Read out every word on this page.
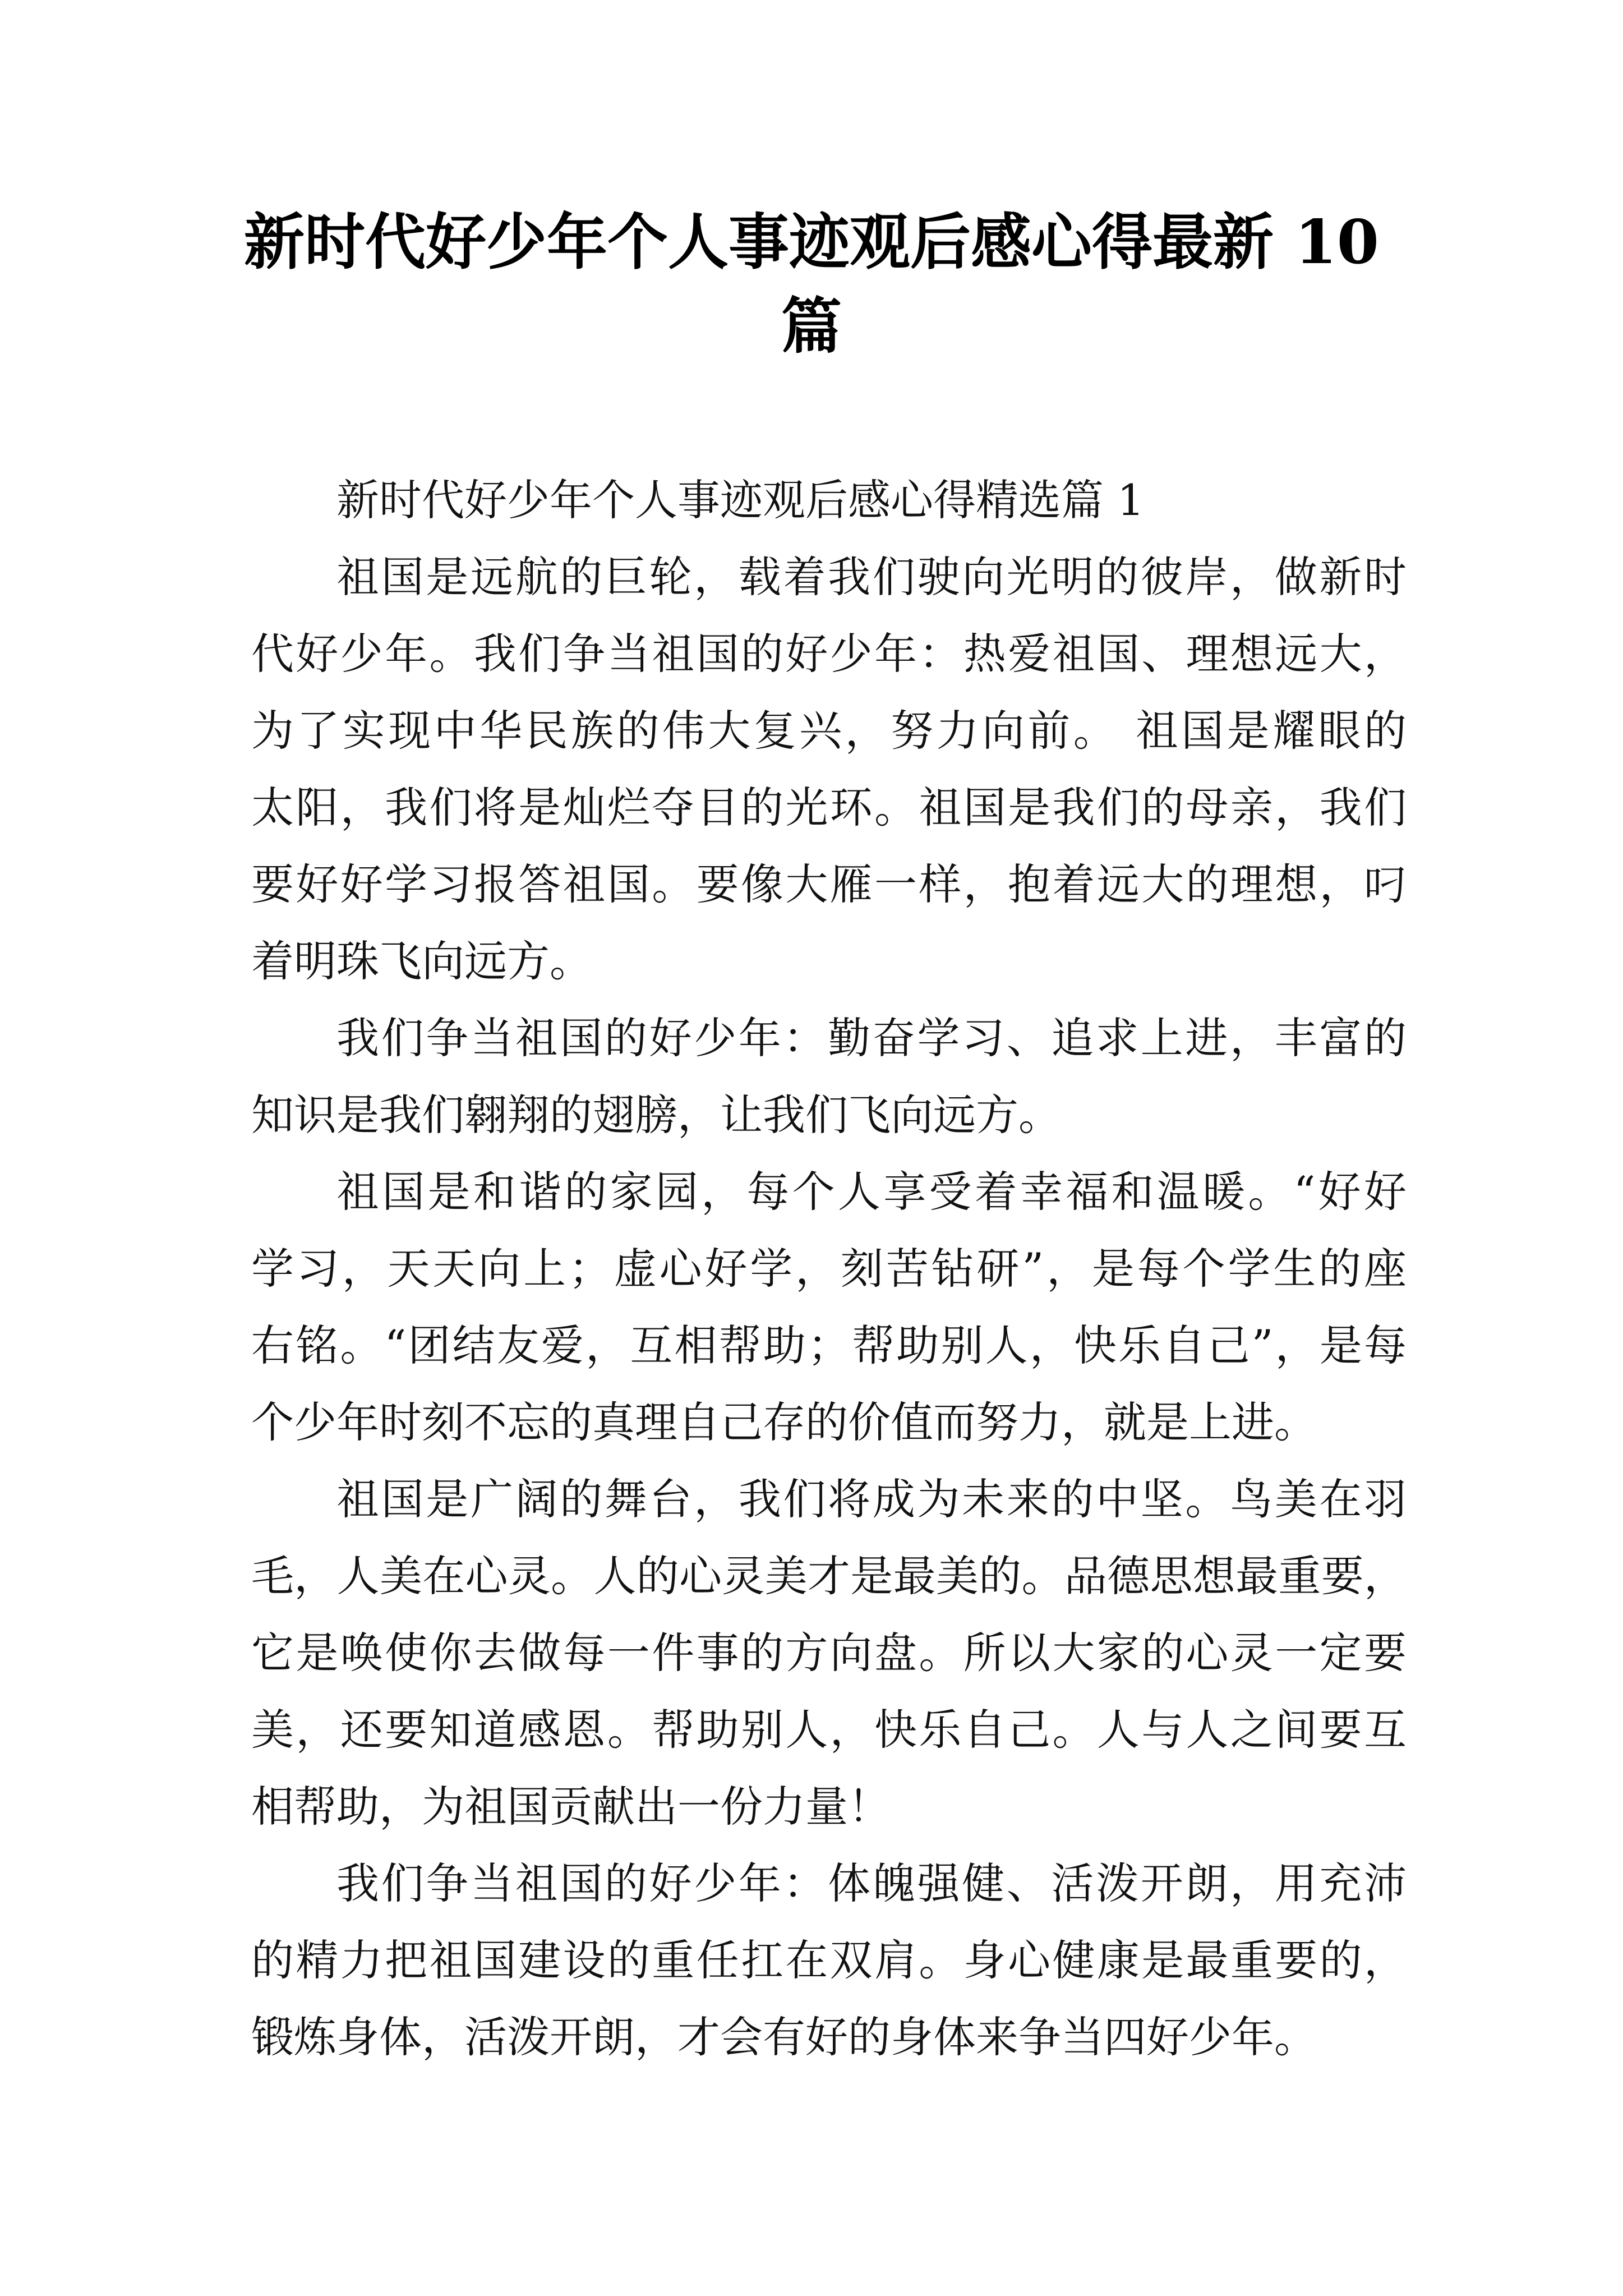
新时代好少年个人事迹观后感心得最新 10
篇
新时代好少年个人事迹观后感心得精选篇 1
祖国是远航的巨轮，载着我们驶向光明的彼岸，做新时
代好少年。我们争当祖国的好少年：热爱祖国、理想远大，
为了实现中华民族的伟大复兴，努力向前。 祖国是耀眼的
太阳，我们将是灿烂夺目的光环。祖国是我们的母亲，我们
要好好学习报答祖国。要像大雁一样，抱着远大的理想，叼
着明珠飞向远方。
我们争当祖国的好少年：勤奋学习、追求上进，丰富的
知识是我们翱翔的翅膀，让我们飞向远方。
祖国是和谐的家园，每个人享受着幸福和温暖。“好好
学习，天天向上；虚心好学，刻苦钻研”，是每个学生的座
右铭。“团结友爱，互相帮助；帮助别人，快乐自己”，是每
个少年时刻不忘的真理自己存的价值而努力，就是上进。
祖国是广阔的舞台，我们将成为未来的中坚。鸟美在羽
毛，人美在心灵。人的心灵美才是最美的。品德思想最重要，
它是唤使你去做每一件事的方向盘。所以大家的心灵一定要
美，还要知道感恩。帮助别人，快乐自己。人与人之间要互
相帮助，为祖国贡献出一份力量！
我们争当祖国的好少年：体魄强健、活泼开朗，用充沛
的精力把祖国建设的重任扛在双肩。身心健康是最重要的，
锻炼身体，活泼开朗，才会有好的身体来争当四好少年。
